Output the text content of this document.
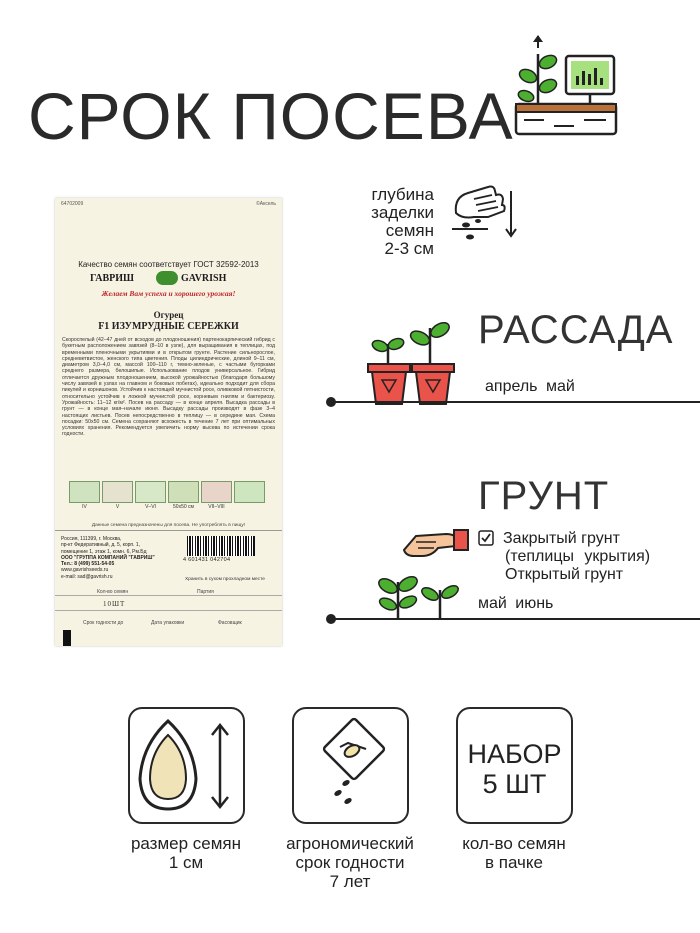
СРОК ПОСЕВА
64702009	©Аксель
Качество семян соответствует ГОСТ 32592-2013
ГАВРИШ	GAVRISH
Желаем Вам успеха и хорошего урожая!
Огурец
F1 ИЗУМРУДНЫЕ СЕРЕЖКИ
Скороспелый (42–47 дней от всходов до плодоношения) партенокарпический гибрид с букетным расположением завязей (8–10 в узле), для выращивания в теплицах, под временными пленочными укрытиями и в открытом грунте. Растение сильнорослое, средневетвистое, женского типа цветения. Плоды цилиндрические, длиной 9–11 см, диаметром 3,0–4,0 см, массой 100–110 г, темно-зеленые, с частыми бугорками среднего размера, белошипые. Использование плодов универсальное. Гибрид отличается дружным плодоношением, высокой урожайностью (благодаря большому числу завязей в узлах на главном и боковых побегах), идеально подходит для сбора пикулей и корнишонов. Устойчив к настоящей мучнистой росе, оливковой пятнистости, относительно устойчив к ложной мучнистой росе, корневым гнилям и бактериозу. Урожайность: 11–12 кг/м². Посев на рассаду — в конце апреля. Высадка рассады в грунт — в конце мая–начале июня. Высадку рассады производят в фазе 3–4 настоящих листьев. Посев непосредственно в теплицу — в середине мая. Схема посадки: 50х50 см. Семена сохраняют всхожесть в течение 7 лет при оптимальных условиях хранения. Рекомендуется увеличить норму высева по истечении срока годности.
IV	V	V–VI	50х50 см	VII–VIII
Данные семена предназначены для посева. Не употреблять в пищу!
Россия, 111399, г. Москва,
пр-кт Федеративный, д. 5, корп. 1,
помещение 1, этаж 1, комн. 6, Рм.Бд
ООО "ГРУППА КОМПАНИЙ "ГАВРИШ"
Тел.: 8 (499) 551-54-05
www.gavrishseeds.ru
e-mail: sad@gavrish.ru
4 601431 042704
Хранить в сухом прохладном месте
Кол-во семян	Партия
10ШТ
Срок годности до	Дата упаковки	Фасовщик
глубина
заделки
семян
2-3 см
РАССАДА
апрель май
ГРУНТ
Закрытый грунт
(теплицы укрытия)
Открытый грунт
май июнь
НАБОР
5 ШТ
размер семян
1 см
агрономический
срок годности
7 лет
кол-во семян
в пачке
